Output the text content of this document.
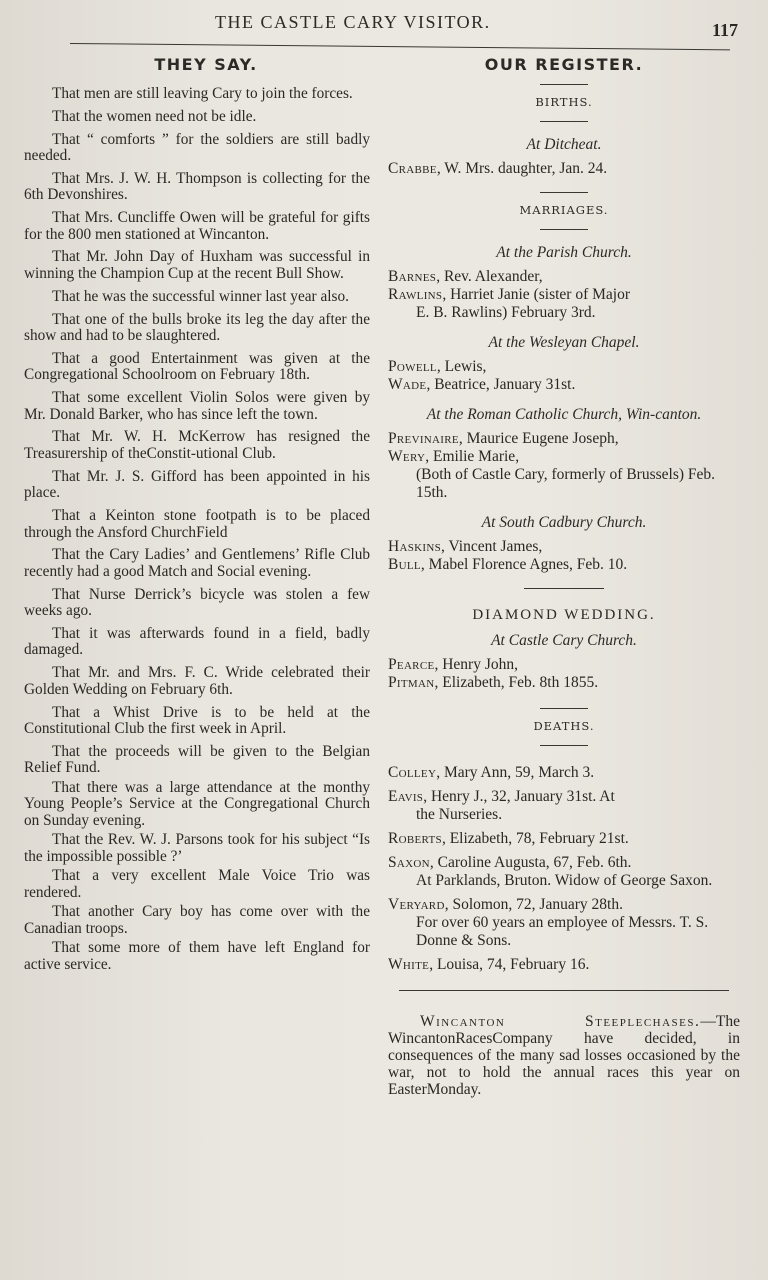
THE CASTLE CARY VISITOR.	117
THEY SAY.
That men are still leaving Cary to join the forces.
That the women need not be idle.
That “ comforts ” for the soldiers are still badly needed.
That Mrs. J. W. H. Thompson is collecting for the 6th Devonshires.
That Mrs. Cuncliffe Owen will be grateful for gifts for the 800 men stationed at Wincanton.
That Mr. John Day of Huxham was successful in winning the Champion Cup at the recent Bull Show.
That he was the successful winner last year also.
That one of the bulls broke its leg the day after the show and had to be slaughtered.
That a good Entertainment was given at the Congregational Schoolroom on February 18th.
That some excellent Violin Solos were given by Mr. Donald Barker, who has since left the town.
That Mr. W. H. McKerrow has resigned the Treasurership of theConstit-utional Club.
That Mr. J. S. Gifford has been appointed in his place.
That a Keinton stone footpath is to be placed through the Ansford ChurchField
That the Cary Ladies’ and Gentlemens’ Rifle Club recently had a good Match and Social evening.
That Nurse Derrick’s bicycle was stolen a few weeks ago.
That it was afterwards found in a field, badly damaged.
That Mr. and Mrs. F. C. Wride celebrated their Golden Wedding on February 6th.
That a Whist Drive is to be held at the Constitutional Club the first week in April.
That the proceeds will be given to the Belgian Relief Fund.
That there was a large attendance at the monthy Young People’s Service at the Congregational Church on Sunday evening.
That the Rev. W. J. Parsons took for his subject “Is the impossible possible ?’
That a very excellent Male Voice Trio was rendered.
That another Cary boy has come over with the Canadian troops.
That some more of them have left England for active service.
OUR REGISTER.
BIRTHS.
At Ditcheat.
Crabbe, W. Mrs. daughter, Jan. 24.
MARRIAGES.
At the Parish Church.
Barnes, Rev. Alexander,
Rawlins, Harriet Janie (sister of Major
E. B. Rawlins) February 3rd.
At the Wesleyan Chapel.
Powell, Lewis,
Wade, Beatrice, January 31st.
At the Roman Catholic Church, Win-canton.
Previnaire, Maurice Eugene Joseph,
Wery, Emilie Marie,
(Both of Castle Cary, formerly of Brussels) Feb. 15th.
At South Cadbury Church.
Haskins, Vincent James,
Bull, Mabel Florence Agnes, Feb. 10.
DIAMOND WEDDING.
At Castle Cary Church.
Pearce, Henry John,
Pitman, Elizabeth, Feb. 8th 1855.
DEATHS.
Colley, Mary Ann, 59, March 3.
Eavis, Henry J., 32, January 31st. At
the Nurseries.
Roberts, Elizabeth, 78, February 21st.
Saxon, Caroline Augusta, 67, Feb. 6th.
At Parklands, Bruton. Widow of George Saxon.
Veryard, Solomon, 72, January 28th.
For over 60 years an employee of Messrs. T. S. Donne & Sons.
White, Louisa, 74, February 16.
Wincanton Steeplechases.—The WincantonRacesCompany have decided, in consequences of the many sad losses occasioned by the war, not to hold the annual races this year on EasterMonday.
